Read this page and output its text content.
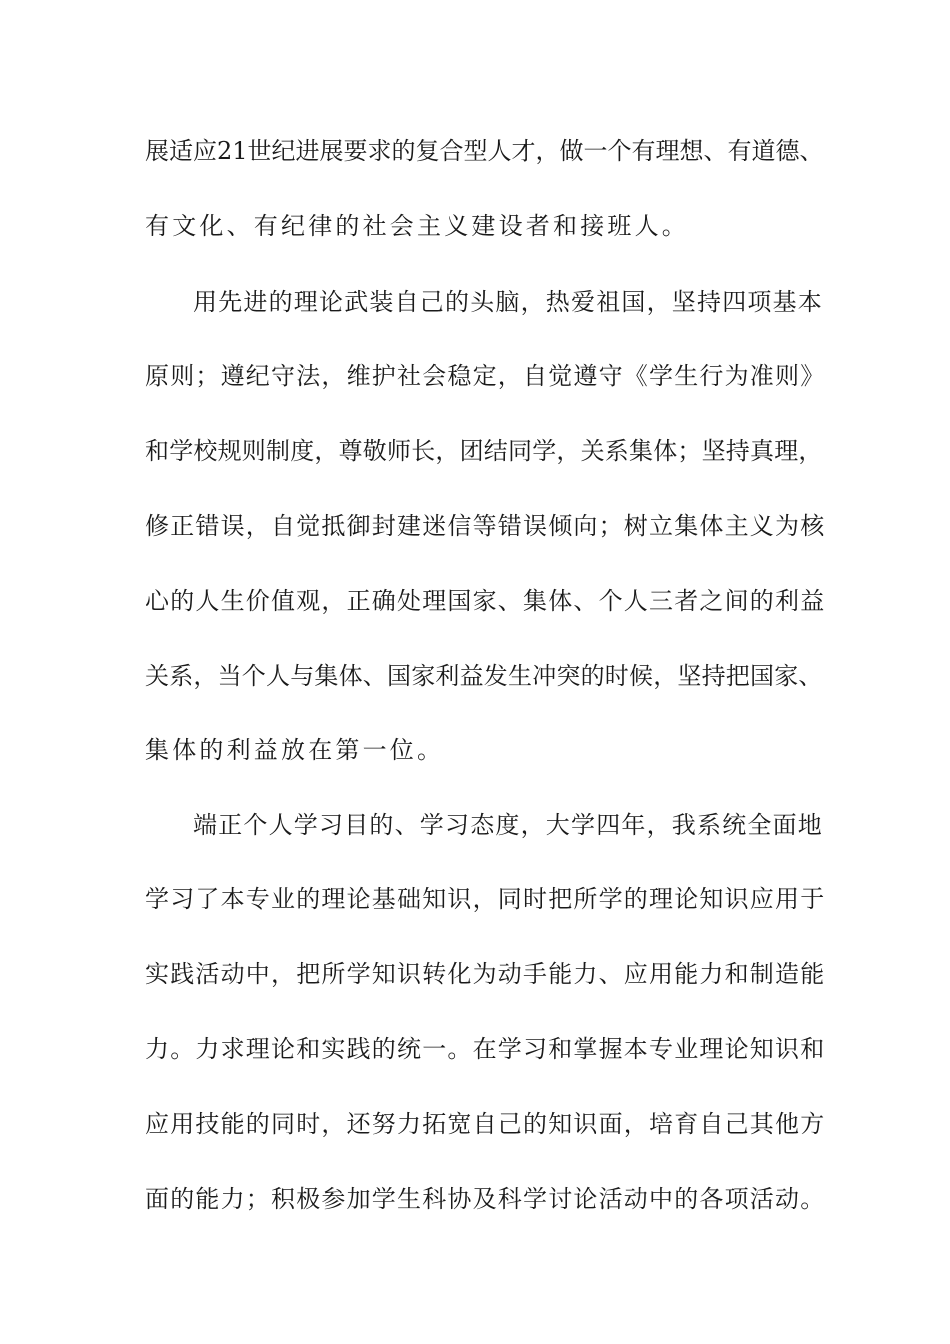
展适应21世纪进展要求的复合型人才，做一个有理想、有道德、
有文化、有纪律的社会主义建设者和接班人。
用先进的理论武装自己的头脑，热爱祖国，坚持四项基本
原则；遵纪守法，维护社会稳定，自觉遵守《学生行为准则》
和学校规则制度，尊敬师长，团结同学，关系集体；坚持真理，
修正错误，自觉抵御封建迷信等错误倾向；树立集体主义为核
心的人生价值观，正确处理国家、集体、个人三者之间的利益
关系，当个人与集体、国家利益发生冲突的时候，坚持把国家、
集体的利益放在第一位。
端正个人学习目的、学习态度，大学四年，我系统全面地
学习了本专业的理论基础知识，同时把所学的理论知识应用于
实践活动中，把所学知识转化为动手能力、应用能力和制造能
力。力求理论和实践的统一。在学习和掌握本专业理论知识和
应用技能的同时，还努力拓宽自己的知识面，培育自己其他方
面的能力；积极参加学生科协及科学讨论活动中的各项活动。
